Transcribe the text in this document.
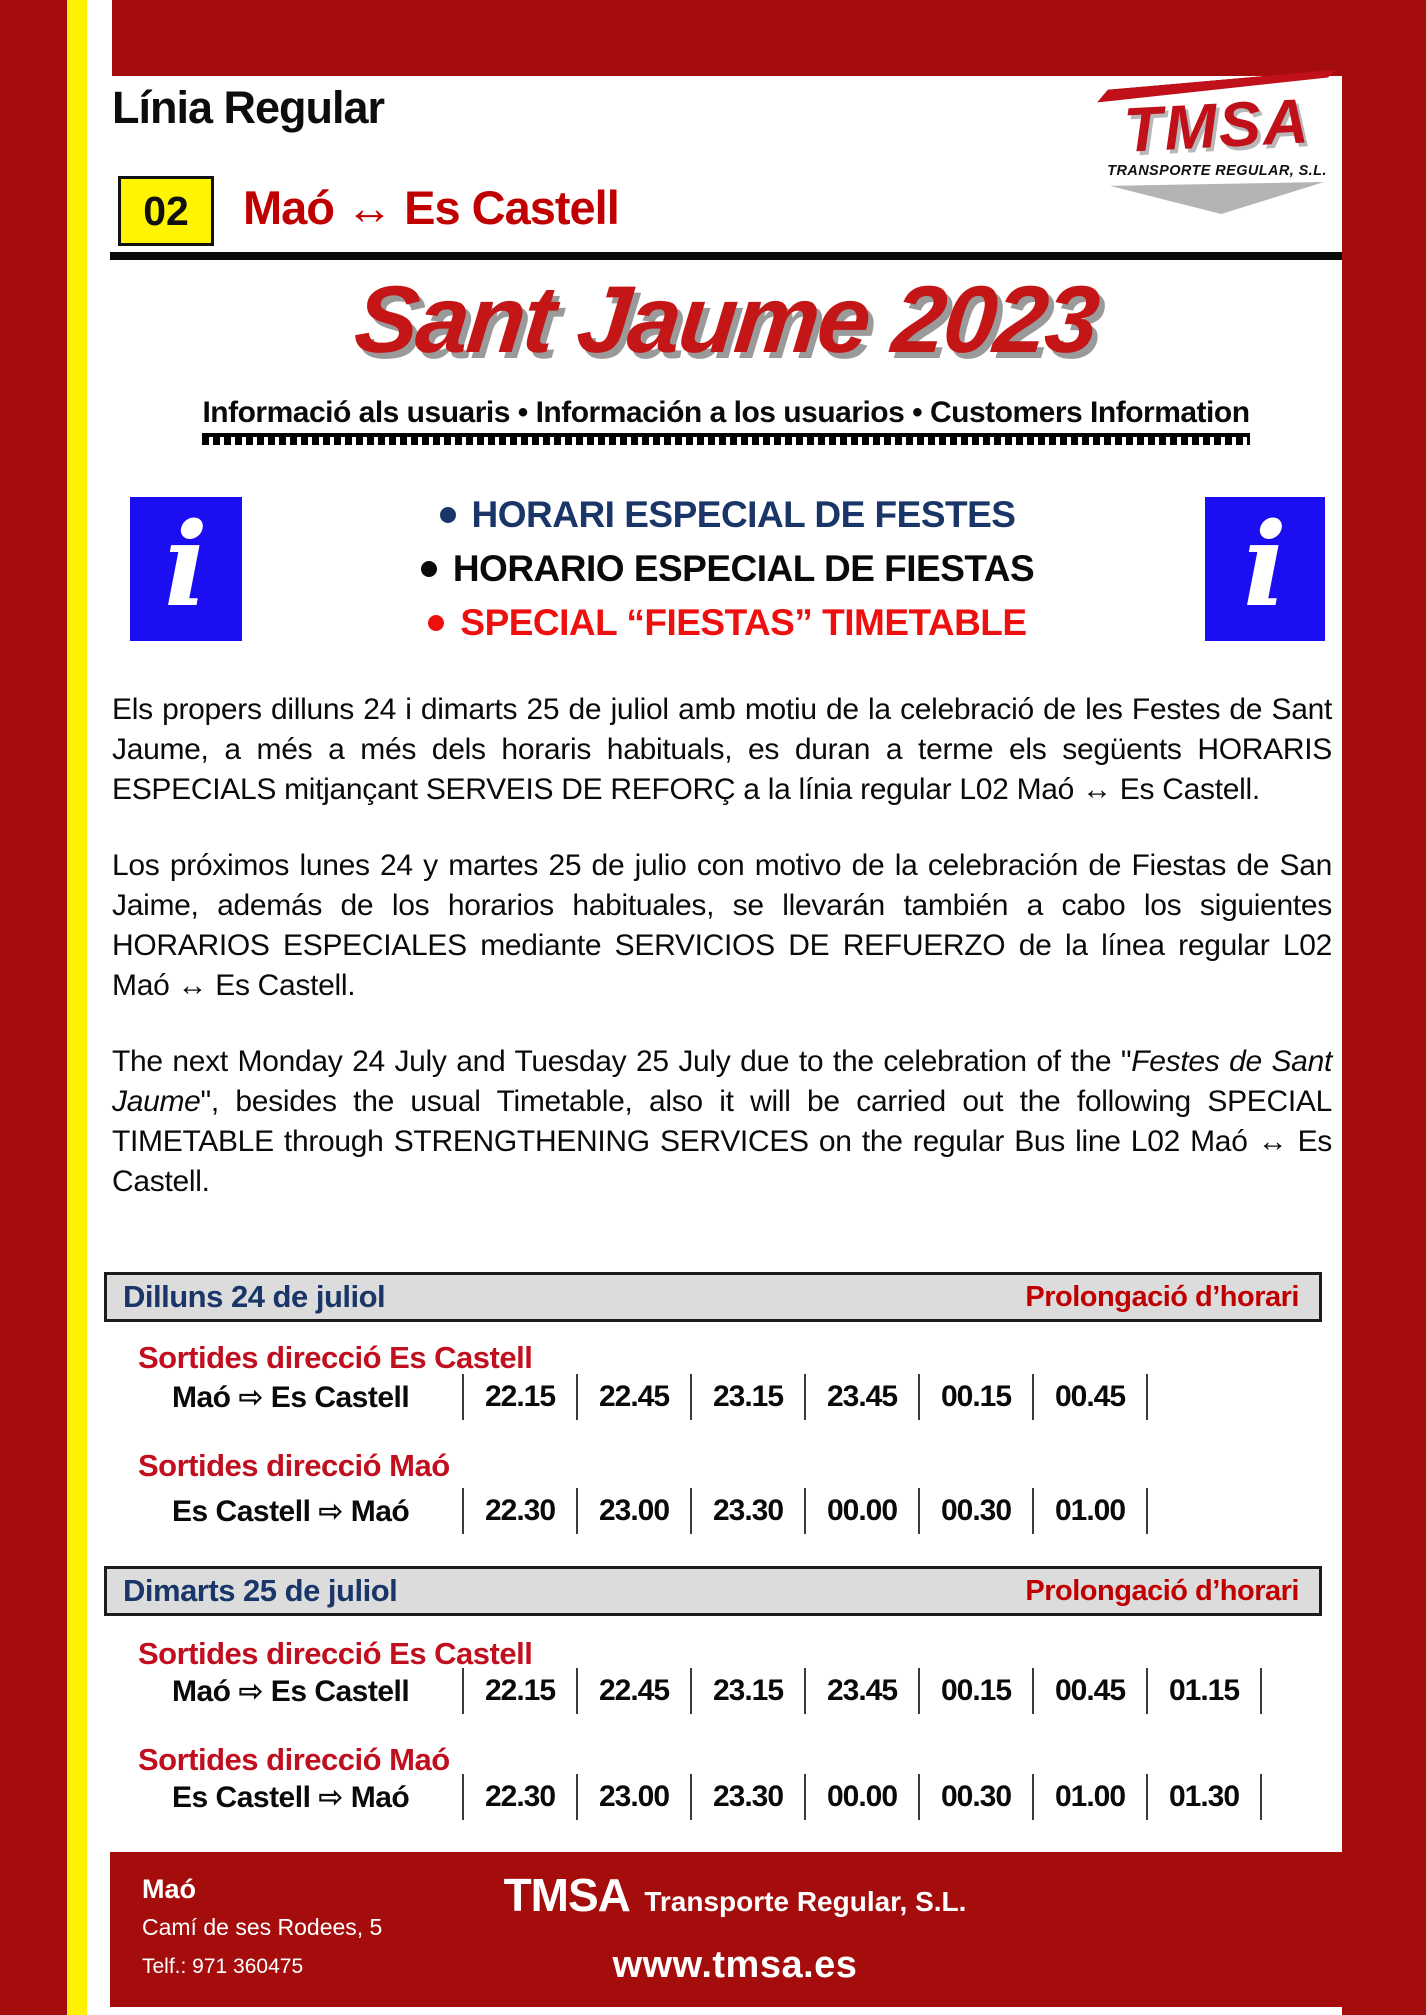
Línia Regular
02 Maó ↔ Es Castell
TMSA
TRANSPORTE REGULAR, S.L.
Sant Jaume 2023
Informació als usuaris • Información a los usuarios • Customers Information
i	i
HORARI ESPECIAL DE FESTES
HORARIO ESPECIAL DE FIESTAS
SPECIAL “FIESTAS” TIMETABLE

Els propers dilluns 24 i dimarts 25 de juliol amb motiu de la celebració de les Festes de Sant Jaume, a més a més dels horaris habituals, es duran a terme els següents HORARIS ESPECIALS mitjançant SERVEIS DE REFORÇ a la línia regular L02 Maó ↔ Es Castell.

Los próximos lunes 24 y martes 25 de julio con motivo de la celebración de Fiestas de San Jaime, además de los horarios habituales, se llevarán también a cabo los siguientes HORARIOS ESPECIALES mediante SERVICIOS DE REFUERZO de la línea regular L02 Maó ↔ Es Castell.

The next Monday 24 July and Tuesday 25 July due to the celebration of the "Festes de Sant Jaume", besides the usual Timetable, also it will be carried out the following SPECIAL TIMETABLE through STRENGTHENING SERVICES on the regular Bus line L02 Maó ↔ Es Castell.

Dilluns 24 de juliol	Prolongació d’horari
Sortides direcció Es Castell
Maó ⇨ Es Castell	22.15	22.45	23.15	23.45	00.15	00.45
Sortides direcció Maó
Es Castell ⇨ Maó	22.30	23.00	23.30	00.00	00.30	01.00
Dimarts 25 de juliol	Prolongació d’horari
Sortides direcció Es Castell
Maó ⇨ Es Castell	22.15	22.45	23.15	23.45	00.15	00.45	01.15
Sortides direcció Maó
Es Castell ⇨ Maó	22.30	23.00	23.30	00.00	00.30	01.00	01.30
Maó
Camí de ses Rodees, 5
Telf.: 971 360475
TMSA Transporte Regular, S.L.
www.tmsa.es
